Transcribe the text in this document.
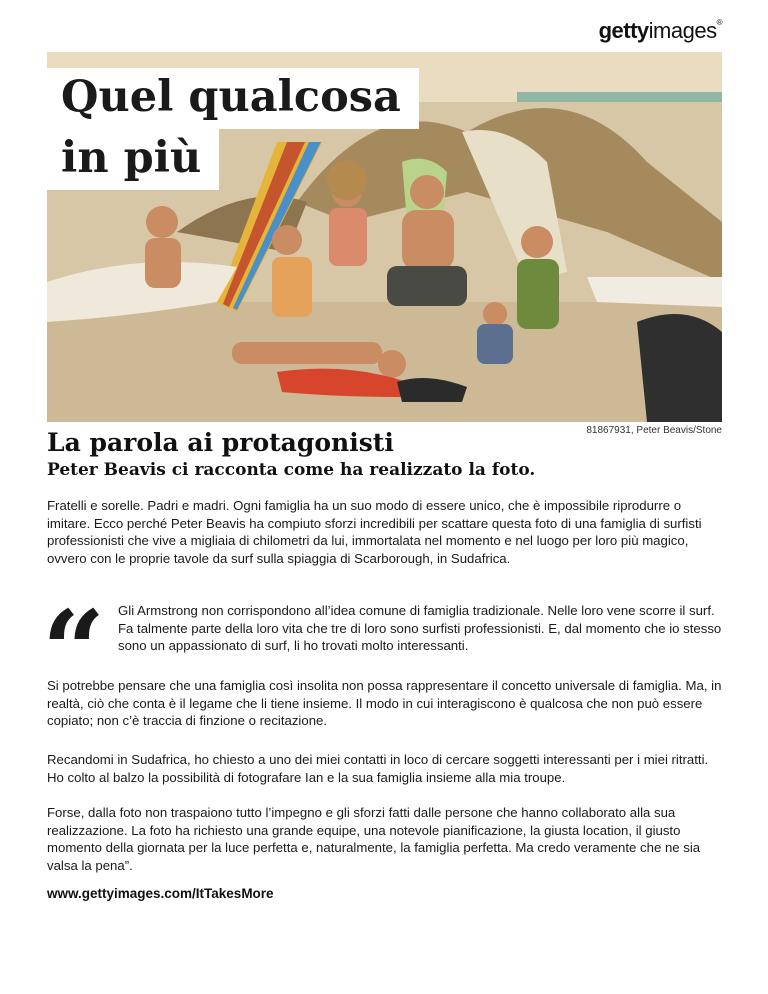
gettyimages®
Quel qualcosa
in più
81867931, Peter Beavis/Stone
La parola ai protagonisti
Peter Beavis ci racconta come ha realizzato la foto.

Fratelli e sorelle. Padri e madri. Ogni famiglia ha un suo modo di essere unico, che è impossibile riprodurre o imitare. Ecco perché Peter Beavis ha compiuto sforzi incredibili per scattare questa foto di una famiglia di surfisti professionisti che vive a migliaia di chilometri da lui, immortalata nel momento e nel luogo per loro più magico, ovvero con le proprie tavole da surf sulla spiaggia di Scarborough, in Sudafrica.

“ Gli Armstrong non corrispondono all’idea comune di famiglia tradizionale. Nelle loro vene scorre il surf. Fa talmente parte della loro vita che tre di loro sono surfisti professionisti. E, dal momento che io stesso sono un appassionato di surf, li ho trovati molto interessanti.

Si potrebbe pensare che una famiglia così insolita non possa rappresentare il concetto universale di famiglia. Ma, in realtà, ciò che conta è il legame che li tiene insieme. Il modo in cui interagiscono è qualcosa che non può essere copiato; non c’è traccia di finzione o recitazione.

Recandomi in Sudafrica, ho chiesto a uno dei miei contatti in loco di cercare soggetti interessanti per i miei ritratti. Ho colto al balzo la possibilità di fotografare Ian e la sua famiglia insieme alla mia troupe.

Forse, dalla foto non traspaiono tutto l’impegno e gli sforzi fatti dalle persone che hanno collaborato alla sua realizzazione. La foto ha richiesto una grande equipe, una notevole pianificazione, la giusta location, il giusto momento della giornata per la luce perfetta e, naturalmente, la famiglia perfetta. Ma credo veramente che ne sia valsa la pena”.

www.gettyimages.com/ItTakesMore
